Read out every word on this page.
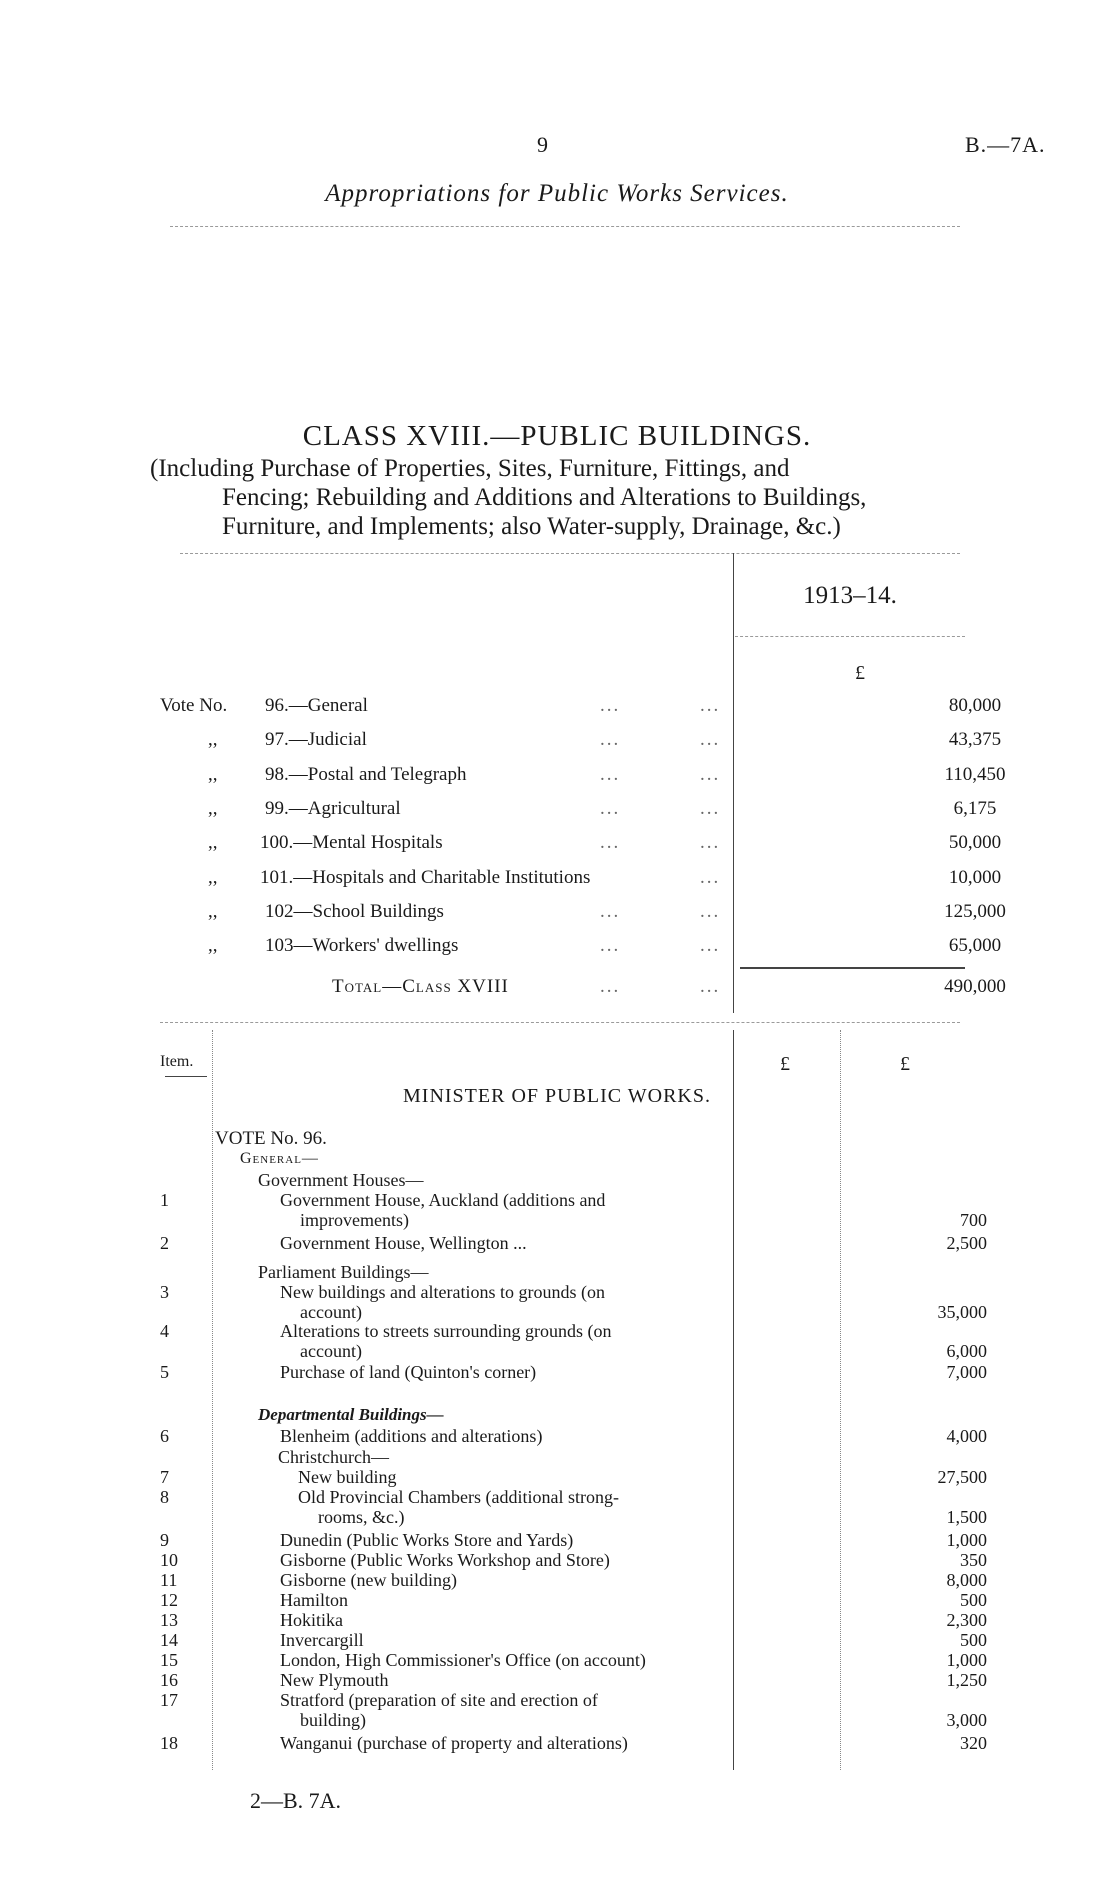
9	B.—7A.
Appropriations for Public Works Services.
CLASS XVIII.—PUBLIC BUILDINGS.
(Including Purchase of Properties, Sites, Furniture, Fittings, and
Fencing; Rebuilding and Additions and Alterations to Buildings,
Furniture, and Implements; also Water-supply, Drainage, &c.)
1913–14.
£
Vote No. 96.—General	...	...	80,000
,,	97.—Judicial	...	...	43,375
,,	98.—Postal and Telegraph	...	...	110,450
,,	99.—Agricultural	...	...	6,175
,, 100.—Mental Hospitals	...	...	50,000
,, 101.—Hospitals and Charitable Institutions	...	10,000
,,	102—School Buildings	...	...	125,000
,,	103—Workers' dwellings	...	...	65,000
Total—Class XVIII	...	...	490,000
Item.	£	£
MINISTER OF PUBLIC WORKS.
VOTE No. 96.
General—
Government Houses—
1	Government House, Auckland (additions and
improvements)	700
2	Government House, Wellington ...	2,500
3	New buildings and alterations to grounds (on
account)	35,000
4	Alterations to streets surrounding grounds (on
account)	6,000
5	Purchase of land (Quinton's corner)	7,000
6	Blenheim (additions and alterations)	4,000
7	New building	27,500
8	Old Provincial Chambers (additional strong-
rooms, &c.)	1,500
9	Dunedin (Public Works Store and Yards)	1,000
10	Gisborne (Public Works Workshop and Store)	350
11	Gisborne (new building)	8,000
12	Hamilton	500
13	Hokitika	2,300
14	Invercargill	500
15	London, High Commissioner's Office (on account)	1,000
16	New Plymouth	1,250
17	Stratford (preparation of site and erection of
building)	3,000
18	Wanganui (purchase of property and alterations)	320
Parliament Buildings—
Departmental Buildings—
Christchurch—
2—B. 7A.
